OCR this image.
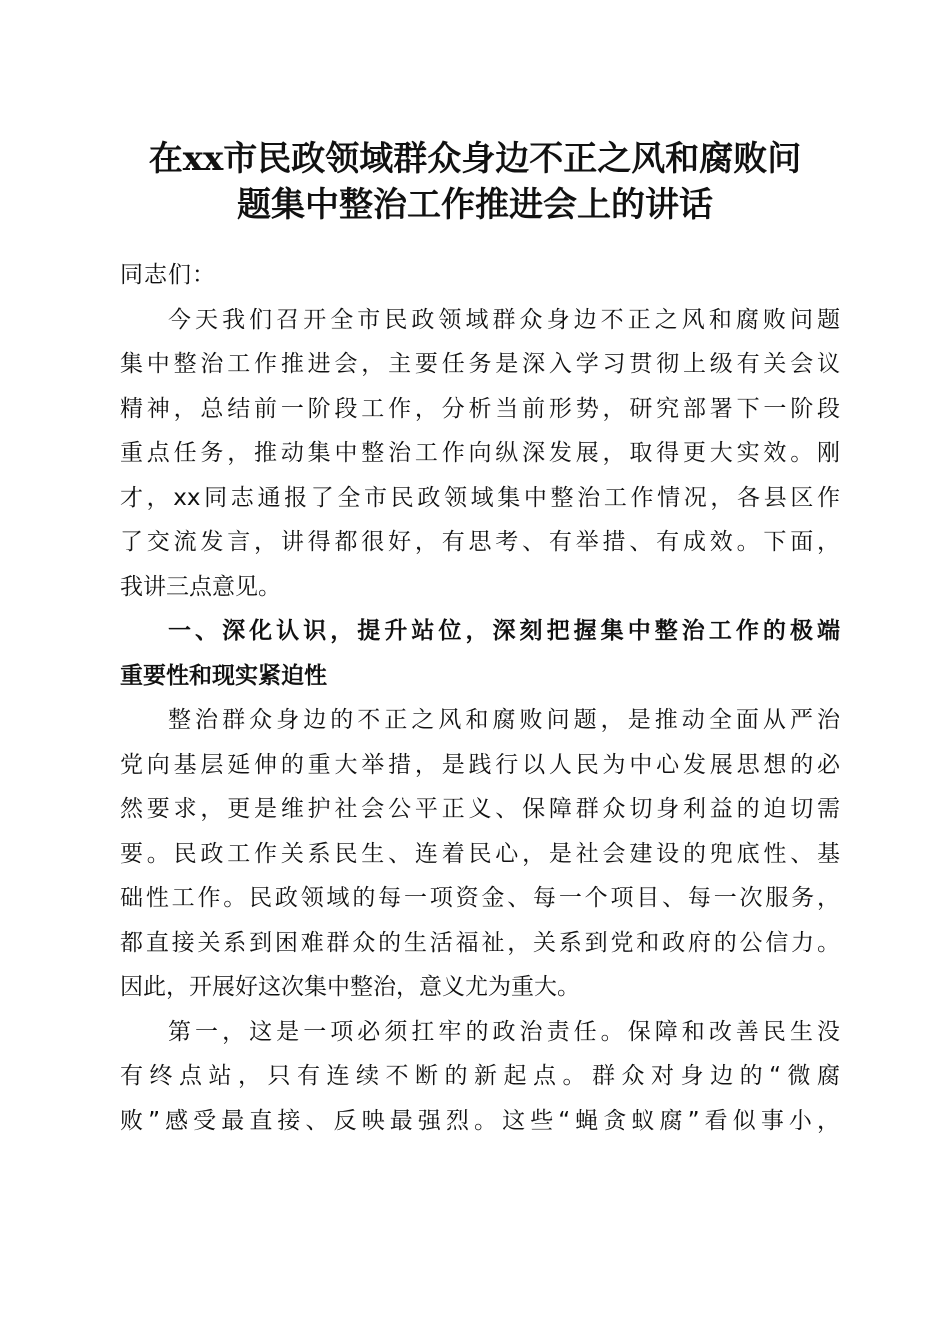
在xx市民政领域群众身边不正之风和腐败问
题集中整治工作推进会上的讲话
同志们：
今天我们召开全市民政领域群众身边不正之风和腐败问题
集中整治工作推进会，主要任务是深入学习贯彻上级有关会议
精神，总结前一阶段工作，分析当前形势，研究部署下一阶段
重点任务，推动集中整治工作向纵深发展，取得更大实效。刚
才，xx同志通报了全市民政领域集中整治工作情况，各县区作
了交流发言，讲得都很好，有思考、有举措、有成效。下面，
我讲三点意见。
一、深化认识，提升站位，深刻把握集中整治工作的极端
重要性和现实紧迫性
整治群众身边的不正之风和腐败问题，是推动全面从严治
党向基层延伸的重大举措，是践行以人民为中心发展思想的必
然要求，更是维护社会公平正义、保障群众切身利益的迫切需
要。民政工作关系民生、连着民心，是社会建设的兜底性、基
础性工作。民政领域的每一项资金、每一个项目、每一次服务，
都直接关系到困难群众的生活福祉，关系到党和政府的公信力。
因此，开展好这次集中整治，意义尤为重大。
第一，这是一项必须扛牢的政治责任。保障和改善民生没
有终点站，只有连续不断的新起点。群众对身边的“微腐
败”感受最直接、反映最强烈。这些“蝇贪蚁腐”看似事小，
